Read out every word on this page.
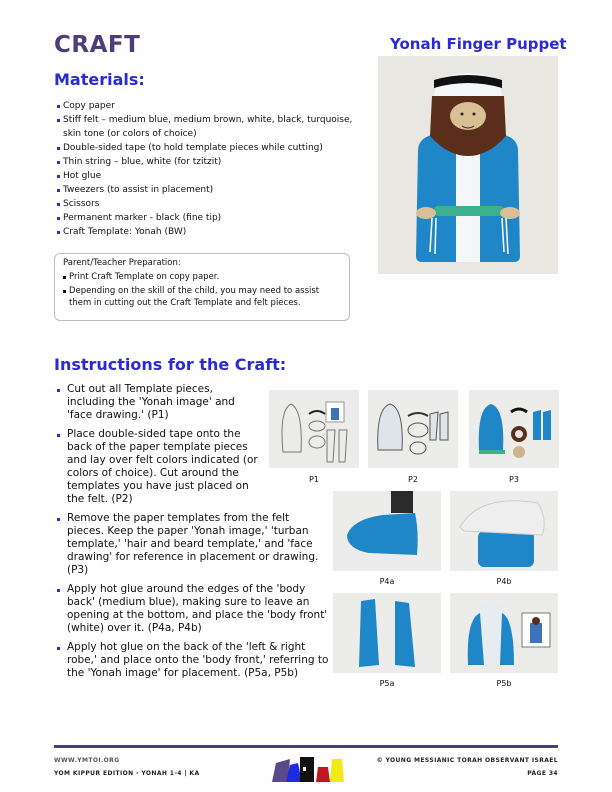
CRAFT	Yonah Finger Puppet
Materials:
Copy paper
Stiff felt – medium blue, medium brown, white, black, turquoise, skin tone (or colors of choice)
Double-sided tape (to hold template pieces while cutting)
Thin string – blue, white (for tzitzit)
Hot glue
Tweezers (to assist in placement)
Scissors
Permanent marker - black (fine tip)
Craft Template: Yonah (BW)
Parent/Teacher Preparation:
Print Craft Template on copy paper.
Depending on the skill of the child, you may need to assist them in cutting out the Craft Template and felt pieces.
Instructions for the Craft:
Cut out all Template pieces, including the 'Yonah image' and 'face drawing.' (P1)
Place double-sided tape onto the back of the paper template pieces and lay over felt colors indicated (or colors of choice). Cut around the templates you have just placed on the felt. (P2)
Remove the paper templates from the felt pieces. Keep the paper 'Yonah image,' 'turban template,' 'hair and beard template,' and 'face drawing' for reference in placement or drawing. (P3)
Apply hot glue around the edges of the 'body back' (medium blue), making sure to leave an opening at the bottom, and place the 'body front' (white) over it. (P4a, P4b)
Apply hot glue on the back of the 'left & right robe,' and place onto the 'body front,' referring to the 'Yonah image' for placement. (P5a, P5b)
P1	P2	P3
P4a	P4b
P5a	P5b
WWW.YMTOI.ORG
YOM KIPPUR EDITION - YONAH 1-4 | KA
© YOUNG MESSIANIC TORAH OBSERVANT ISRAEL
PAGE 34
